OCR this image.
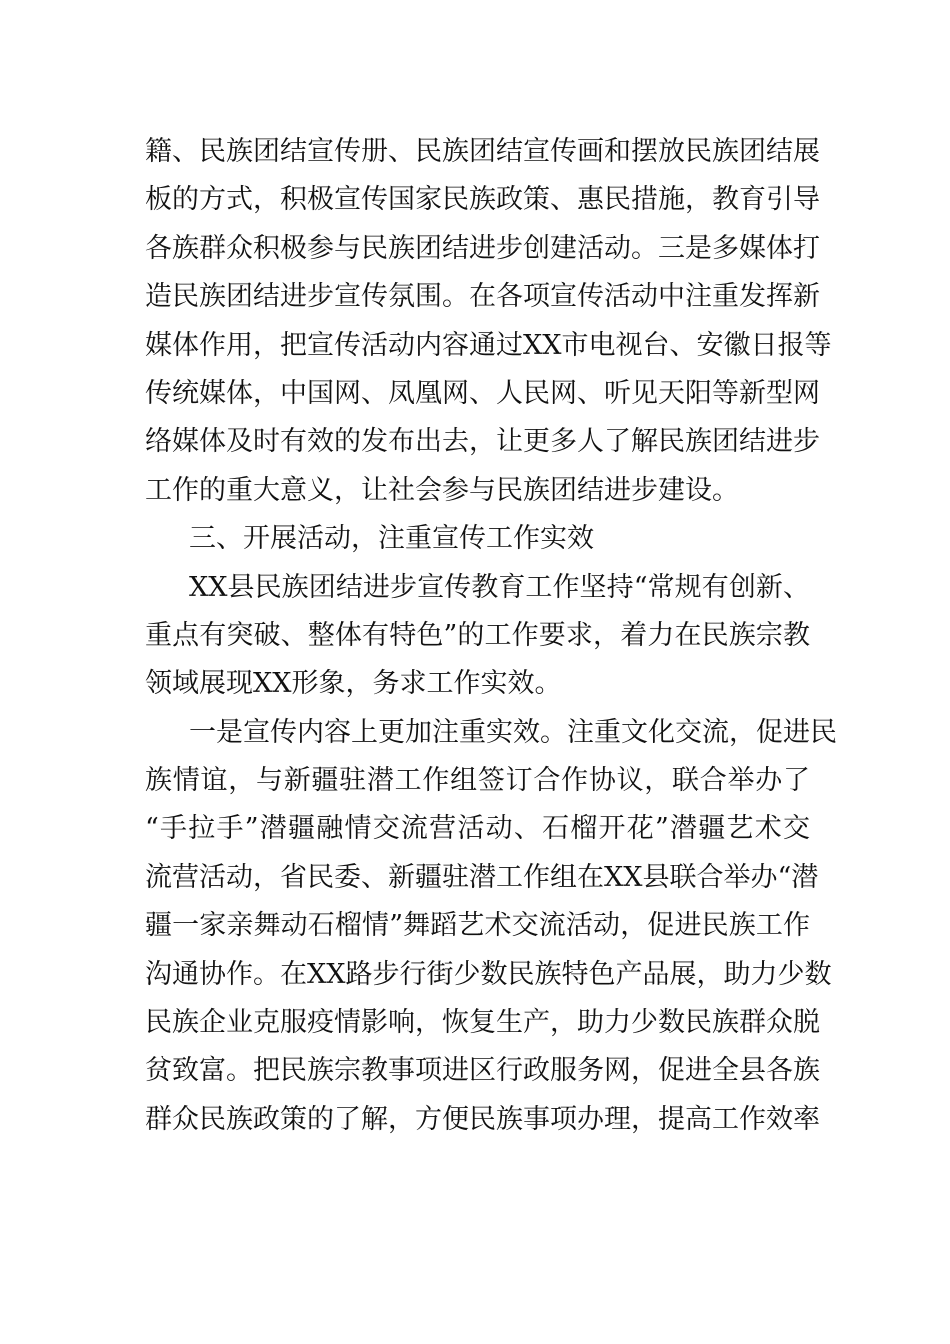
籍、民族团结宣传册、民族团结宣传画和摆放民族团结展
板的方式，积极宣传国家民族政策、惠民措施，教育引导
各族群众积极参与民族团结进步创建活动。三是多媒体打
造民族团结进步宣传氛围。在各项宣传活动中注重发挥新
媒体作用，把宣传活动内容通过XX市电视台、安徽日报等
传统媒体，中国网、凤凰网、人民网、听见天阳等新型网
络媒体及时有效的发布出去，让更多人了解民族团结进步
工作的重大意义，让社会参与民族团结进步建设。
三、开展活动，注重宣传工作实效
XX县民族团结进步宣传教育工作坚持“常规有创新、
重点有突破、整体有特色”的工作要求，着力在民族宗教
领域展现XX形象，务求工作实效。
一是宣传内容上更加注重实效。注重文化交流，促进民
族情谊，与新疆驻潜工作组签订合作协议，联合举办了
“手拉手”潜疆融情交流营活动、石榴开花”潜疆艺术交
流营活动，省民委、新疆驻潜工作组在XX县联合举办“潜
疆一家亲舞动石榴情”舞蹈艺术交流活动，促进民族工作
沟通协作。在XX路步行街少数民族特色产品展，助力少数
民族企业克服疫情影响，恢复生产，助力少数民族群众脱
贫致富。把民族宗教事项进区行政服务网，促进全县各族
群众民族政策的了解，方便民族事项办理，提高工作效率
